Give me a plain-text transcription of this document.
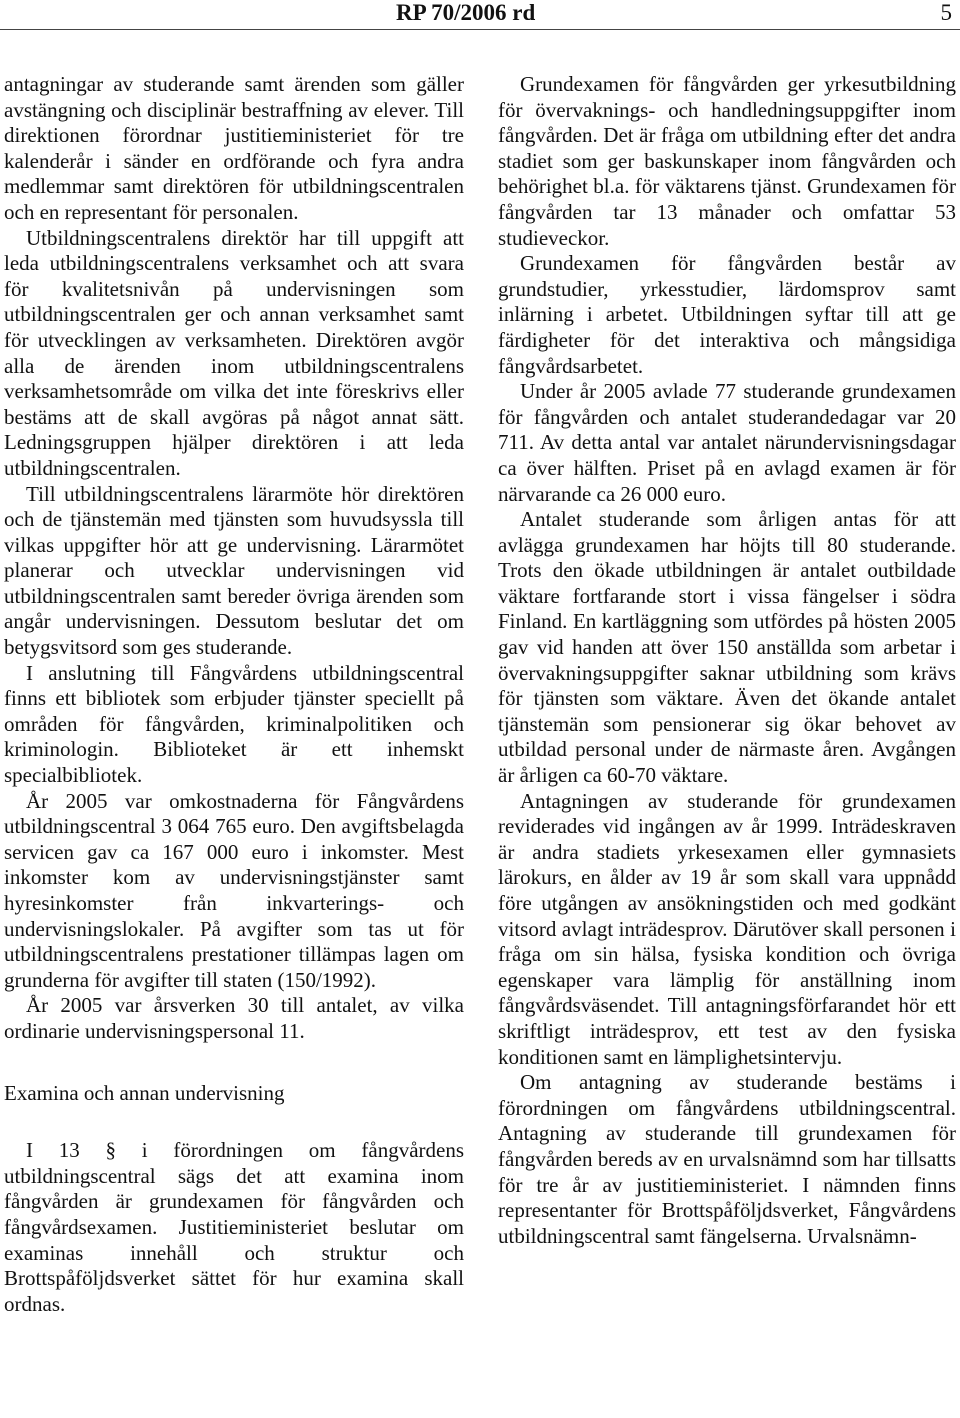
RP 70/2006 rd	5

antagningar av studerande samt ärenden som gäller avstängning och disciplinär bestraffning av elever. Till direktionen förordnar justitieministeriet för tre kalenderår i sänder en ordförande och fyra andra medlemmar samt direktören för utbildningscentralen och en representant för personalen.

Utbildningscentralens direktör har till uppgift att leda utbildningscentralens verksamhet och att svara för kvalitetsnivån på undervisningen som utbildningscentralen ger och annan verksamhet samt för utvecklingen av verksamheten. Direktören avgör alla de ärenden inom utbildningscentralens verksamhetsområde om vilka det inte föreskrivs eller bestäms att de skall avgöras på något annat sätt. Ledningsgruppen hjälper direktören i att leda utbildningscentralen.

Till utbildningscentralens lärarmöte hör direktören och de tjänstemän med tjänsten som huvudsyssla till vilkas uppgifter hör att ge undervisning. Lärarmötet planerar och utvecklar undervisningen vid utbildningscentralen samt bereder övriga ärenden som angår undervisningen. Dessutom beslutar det om betygsvitsord som ges studerande.

I anslutning till Fångvårdens utbildningscentral finns ett bibliotek som erbjuder tjänster speciellt på områden för fångvården, kriminalpolitiken och kriminologin. Biblioteket är ett inhemskt specialbibliotek.

År 2005 var omkostnaderna för Fångvårdens utbildningscentral 3 064 765 euro. Den avgiftsbelagda servicen gav ca 167 000 euro i inkomster. Mest inkomster kom av undervisningstjänster samt hyresinkomster från inkvarterings- och undervisningslokaler. På avgifter som tas ut för utbildningscentralens prestationer tillämpas lagen om grunderna för avgifter till staten (150/1992).

År 2005 var årsverken 30 till antalet, av vilka ordinarie undervisningspersonal 11.

Examina och annan undervisning

I 13 § i förordningen om fångvårdens utbildningscentral sägs det att examina inom fångvården är grundexamen för fångvården och fångvårdsexamen. Justitieministeriet beslutar om examinas innehåll och struktur och Brottspåföljdsverket sättet för hur examina skall ordnas.

Grundexamen för fångvården ger yrkesutbildning för övervaknings- och handledningsuppgifter inom fångvården. Det är fråga om utbildning efter det andra stadiet som ger baskunskaper inom fångvården och behörighet bl.a. för väktarens tjänst. Grundexamen för fångvården tar 13 månader och omfattar 53 studieveckor.

Grundexamen för fångvården består av grundstudier, yrkesstudier, lärdomsprov samt inlärning i arbetet. Utbildningen syftar till att ge färdigheter för det interaktiva och mångsidiga fångvårdsarbetet.

Under år 2005 avlade 77 studerande grundexamen för fångvården och antalet studerandedagar var 20 711. Av detta antal var antalet närundervisningsdagar ca över hälften. Priset på en avlagd examen är för närvarande ca 26 000 euro.

Antalet studerande som årligen antas för att avlägga grundexamen har höjts till 80 studerande. Trots den ökade utbildningen är antalet outbildade väktare fortfarande stort i vissa fängelser i södra Finland. En kartläggning som utfördes på hösten 2005 gav vid handen att över 150 anställda som arbetar i övervakningsuppgifter saknar utbildning som krävs för tjänsten som väktare. Även det ökande antalet tjänstemän som pensionerar sig ökar behovet av utbildad personal under de närmaste åren. Avgången är årligen ca 60-70 väktare.

Antagningen av studerande för grundexamen reviderades vid ingången av år 1999. Inträdeskraven är andra stadiets yrkesexamen eller gymnasiets lärokurs, en ålder av 19 år som skall vara uppnådd före utgången av ansökningstiden och med godkänt vitsord avlagt inträdesprov. Därutöver skall personen i fråga om sin hälsa, fysiska kondition och övriga egenskaper vara lämplig för anställning inom fångvårdsväsendet. Till antagningsförfarandet hör ett skriftligt inträdesprov, ett test av den fysiska konditionen samt en lämplighetsintervju.

Om antagning av studerande bestäms i förordningen om fångvårdens utbildningscentral. Antagning av studerande till grundexamen för fångvården bereds av en urvalsnämnd som har tillsatts för tre år av justitieministeriet. I nämnden finns representanter för Brottspåföljdsverket, Fångvårdens utbildningscentral samt fängelserna. Urvalsnämn-
